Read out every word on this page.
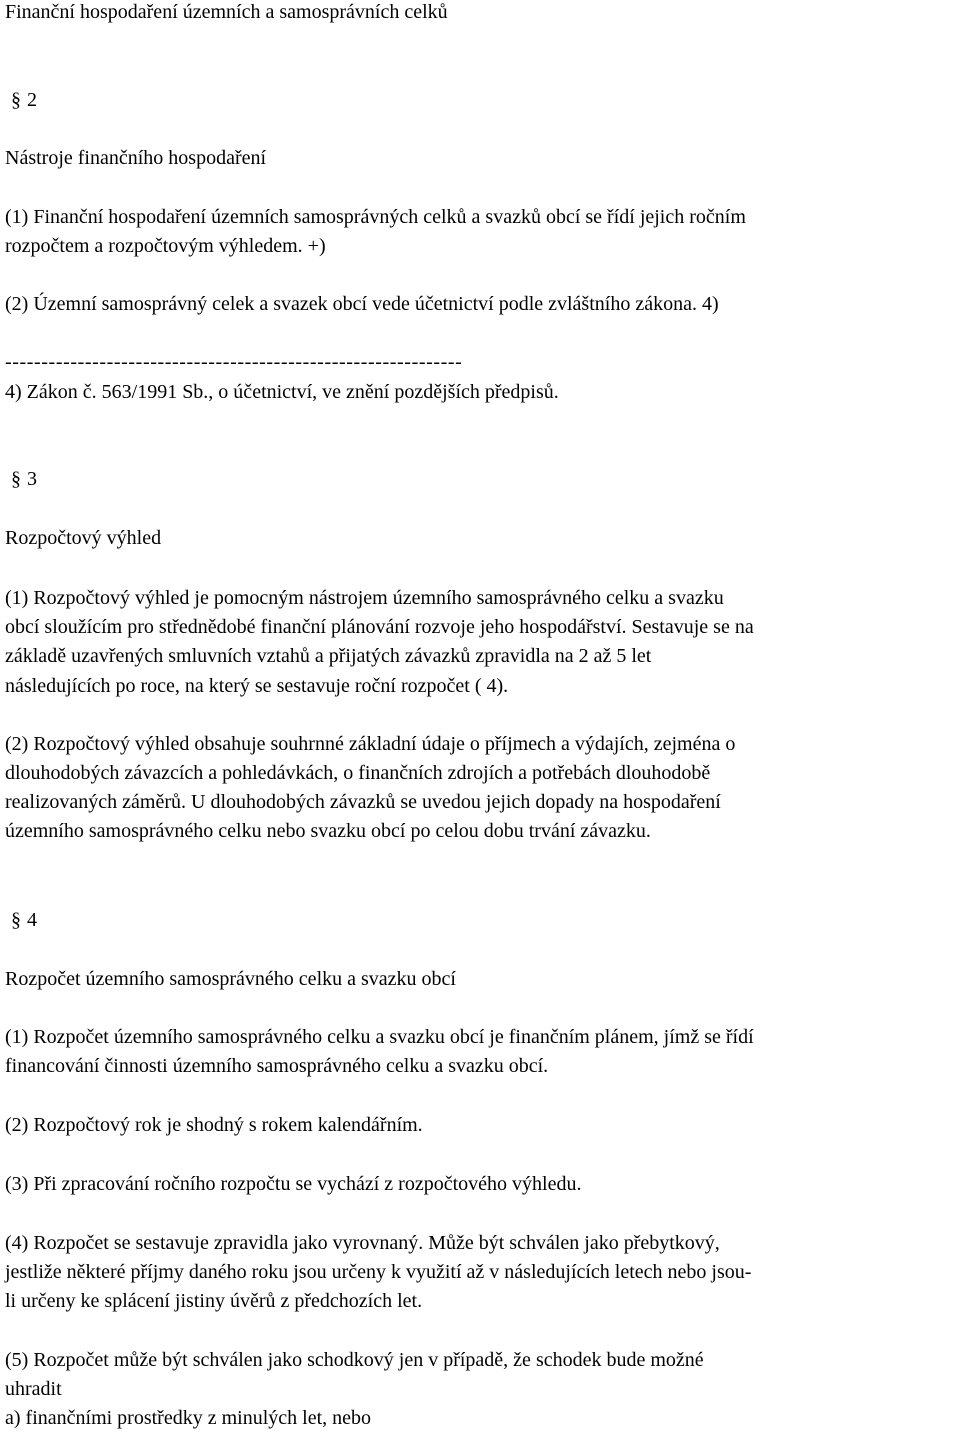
Finanční hospodaření územních a samosprávních celků
§ 2
Nástroje finančního hospodaření
(1) Finanční hospodaření územních samosprávných celků a svazků obcí se řídí jejich ročním
rozpočtem a rozpočtovým výhledem. +)
(2) Územní samosprávný celek a svazek obcí vede účetnictví podle zvláštního zákona. 4)
---------------------------------------------------------------
4) Zákon č. 563/1991 Sb., o účetnictví, ve znění pozdějších předpisů.
§ 3
Rozpočtový výhled
(1) Rozpočtový výhled je pomocným nástrojem územního samosprávného celku a svazku
obcí sloužícím pro střednědobé finanční plánování rozvoje jeho hospodářství. Sestavuje se na
základě uzavřených smluvních vztahů a přijatých závazků zpravidla na 2 až 5 let
následujících po roce, na který se sestavuje roční rozpočet ( 4).
(2) Rozpočtový výhled obsahuje souhrnné základní údaje o příjmech a výdajích, zejména o
dlouhodobých závazcích a pohledávkách, o finančních zdrojích a potřebách dlouhodobě
realizovaných záměrů. U dlouhodobých závazků se uvedou jejich dopady na hospodaření
územního samosprávného celku nebo svazku obcí po celou dobu trvání závazku.
§ 4
Rozpočet územního samosprávného celku a svazku obcí
(1) Rozpočet územního samosprávného celku a svazku obcí je finančním plánem, jímž se řídí
financování činnosti územního samosprávného celku a svazku obcí.
(2) Rozpočtový rok je shodný s rokem kalendářním.
(3) Při zpracování ročního rozpočtu se vychází z rozpočtového výhledu.
(4) Rozpočet se sestavuje zpravidla jako vyrovnaný. Může být schválen jako přebytkový,
jestliže některé příjmy daného roku jsou určeny k využití až v následujících letech nebo jsou-
li určeny ke splácení jistiny úvěrů z předchozích let.
(5) Rozpočet může být schválen jako schodkový jen v případě, že schodek bude možné
uhradit
a) finančními prostředky z minulých let, nebo
